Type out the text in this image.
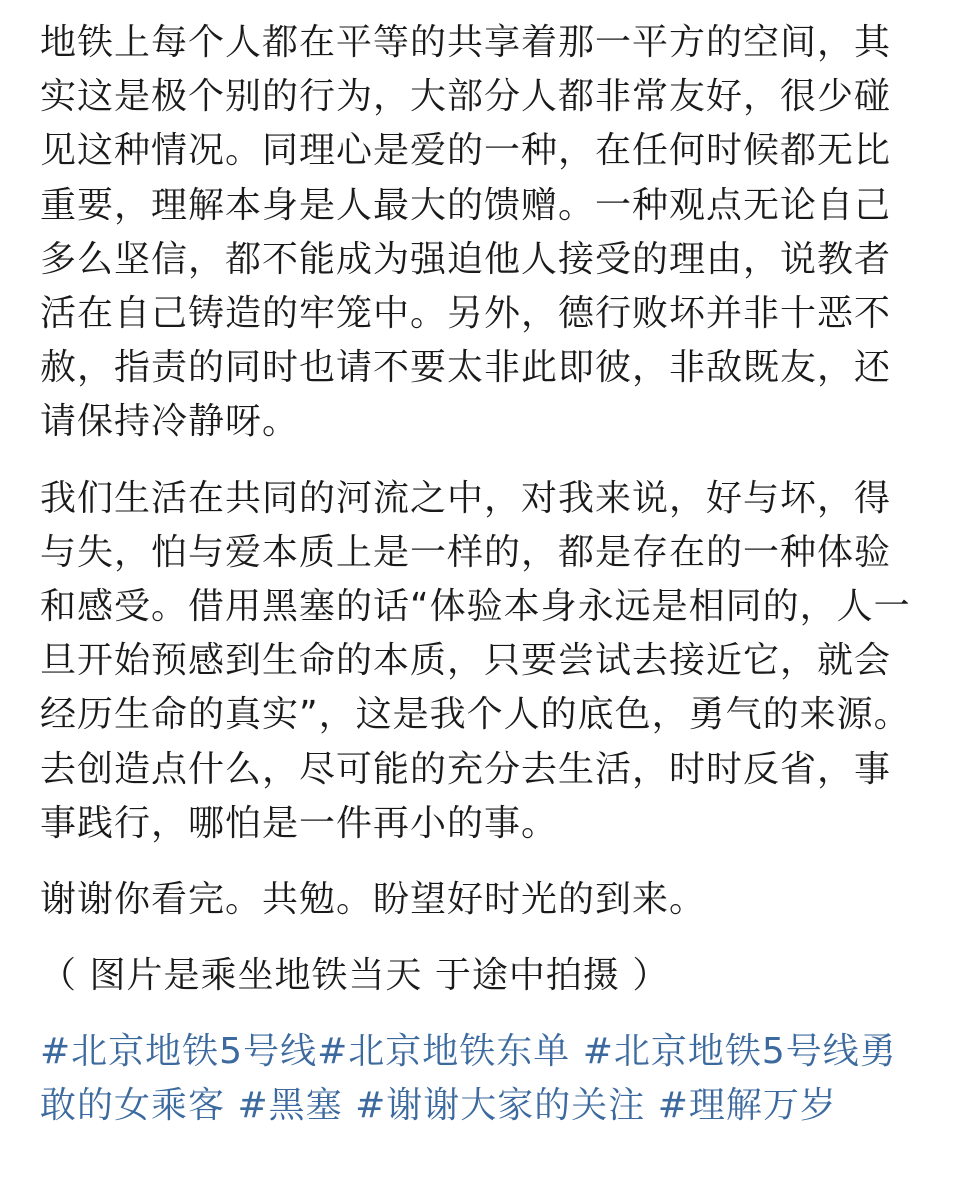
地铁上每个人都在平等的共享着那一平方的空间，其实这是极个别的行为，大部分人都非常友好，很少碰见这种情况。同理心是爱的一种，在任何时候都无比重要，理解本身是人最大的馈赠。一种观点无论自己多么坚信，都不能成为强迫他人接受的理由，说教者活在自己铸造的牢笼中。另外，德行败坏并非十恶不赦，指责的同时也请不要太非此即彼，非敌既友，还请保持冷静呀。

我们生活在共同的河流之中，对我来说，好与坏，得与失，怕与爱本质上是一样的，都是存在的一种体验和感受。借用黑塞的话“体验本身永远是相同的，人一旦开始预感到生命的本质，只要尝试去接近它，就会经历生命的真实”，这是我个人的底色，勇气的来源。去创造点什么，尽可能的充分去生活，时时反省，事事践行，哪怕是一件再小的事。

谢谢你看完。共勉。盼望好时光的到来。

（ 图片是乘坐地铁当天 于途中拍摄 ）
#北京地铁5号线#北京地铁东单 #北京地铁5号线勇敢的女乘客 #黑塞 #谢谢大家的关注 #理解万岁
